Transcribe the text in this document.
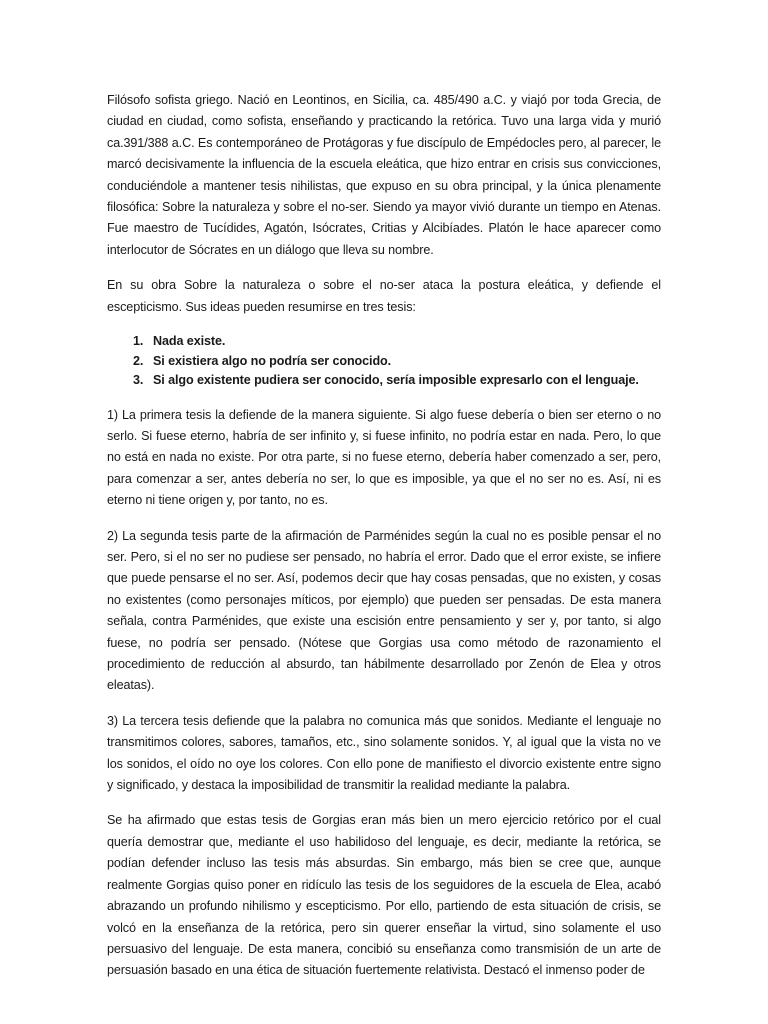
Filósofo sofista griego. Nació en Leontinos, en Sicilia, ca. 485/490 a.C. y viajó por toda Grecia, de ciudad en ciudad, como sofista, enseñando y practicando la retórica. Tuvo una larga vida y murió ca.391/388 a.C. Es contemporáneo de Protágoras y fue discípulo de Empédocles pero, al parecer, le marcó decisivamente la influencia de la escuela eleática, que hizo entrar en crisis sus convicciones, conduciéndole a mantener tesis nihilistas, que expuso en su obra principal, y la única plenamente filosófica: Sobre la naturaleza y sobre el no-ser. Siendo ya mayor vivió durante un tiempo en Atenas. Fue maestro de Tucídides, Agatón, Isócrates, Critias y Alcibíades. Platón le hace aparecer como interlocutor de Sócrates en un diálogo que lleva su nombre.

En su obra Sobre la naturaleza o sobre el no-ser ataca la postura eleática, y defiende el escepticismo. Sus ideas pueden resumirse en tres tesis:

1. Nada existe.
2. Si existiera algo no podría ser conocido.
3. Si algo existente pudiera ser conocido, sería imposible expresarlo con el lenguaje.

1) La primera tesis la defiende de la manera siguiente. Si algo fuese debería o bien ser eterno o no serlo. Si fuese eterno, habría de ser infinito y, si fuese infinito, no podría estar en nada. Pero, lo que no está en nada no existe. Por otra parte, si no fuese eterno, debería haber comenzado a ser, pero, para comenzar a ser, antes debería no ser, lo que es imposible, ya que el no ser no es. Así, ni es eterno ni tiene origen y, por tanto, no es.

2) La segunda tesis parte de la afirmación de Parménides según la cual no es posible pensar el no ser. Pero, si el no ser no pudiese ser pensado, no habría el error. Dado que el error existe, se infiere que puede pensarse el no ser. Así, podemos decir que hay cosas pensadas, que no existen, y cosas no existentes (como personajes míticos, por ejemplo) que pueden ser pensadas. De esta manera señala, contra Parménides, que existe una escisión entre pensamiento y ser y, por tanto, si algo fuese, no podría ser pensado. (Nótese que Gorgias usa como método de razonamiento el procedimiento de reducción al absurdo, tan hábilmente desarrollado por Zenón de Elea y otros eleatas).

3) La tercera tesis defiende que la palabra no comunica más que sonidos. Mediante el lenguaje no transmitimos colores, sabores, tamaños, etc., sino solamente sonidos. Y, al igual que la vista no ve los sonidos, el oído no oye los colores. Con ello pone de manifiesto el divorcio existente entre signo y significado, y destaca la imposibilidad de transmitir la realidad mediante la palabra.

Se ha afirmado que estas tesis de Gorgias eran más bien un mero ejercicio retórico por el cual quería demostrar que, mediante el uso habilidoso del lenguaje, es decir, mediante la retórica, se podían defender incluso las tesis más absurdas. Sin embargo, más bien se cree que, aunque realmente Gorgias quiso poner en ridículo las tesis de los seguidores de la escuela de Elea, acabó abrazando un profundo nihilismo y escepticismo. Por ello, partiendo de esta situación de crisis, se volcó en la enseñanza de la retórica, pero sin querer enseñar la virtud, sino solamente el uso persuasivo del lenguaje. De esta manera, concibió su enseñanza como transmisión de un arte de persuasión basado en una ética de situación fuertemente relativista. Destacó el inmenso poder de
